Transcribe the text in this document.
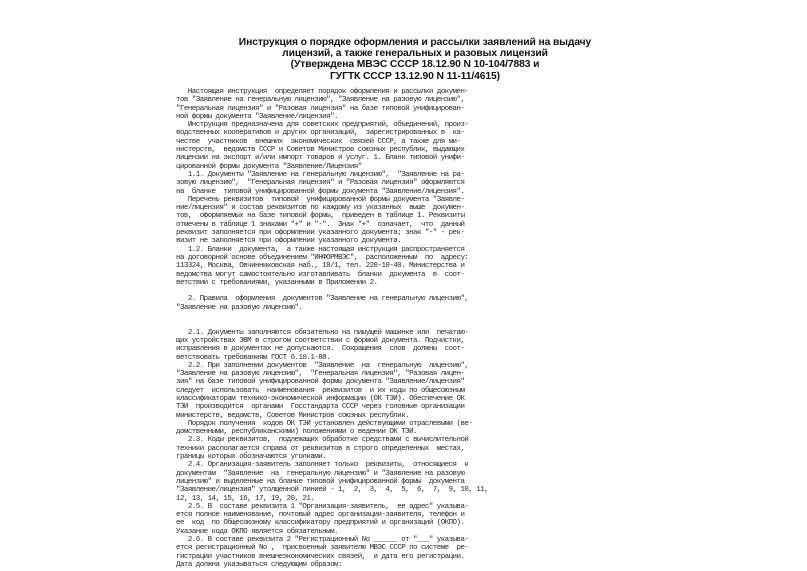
Инструкция о порядке оформления и рассылки заявлений на выдачу
лицензий, а также генеральных и разовых лицензий
(Утверждена МВЭС СССР 18.12.90 N 10-104/7883 и
ГУГТК СССР 13.12.90 N 11-11/4615)
Настоящая инструкция  определяет порядок оформления и рассылки докумен-
тов "Заявление на генеральную лицензию", "Заявление на разовую лицензию",
"Генеральная лицензия" и "Разовая лицензия" на базе типовой унифицирован-
ной формы документа "Заявление/лицензия".
Инструкция предназначена для советских предприятий, объединений, произ-
водственных кооперативов и других организаций,  зарегистрированных в  ка-
честве  участников  внешних  экономических  связей СССР, а также для ми-
нистерств,  ведомств СССР и Советов Министров союзных республик, выдающих
лицензии на экспорт и/или импорт товаров и услуг. 1. Бланк типовой унифи-
цированной формы документа "Заявление/Лицензия"
1.1. Документы "Заявление на генеральную лицензию",  "Заявление на ра-
зовую лицензию",  "Генеральная лицензия" и "Разовая лицензия" оформляются
на  бланке  типовой унифицированной формы документа "Заявление/лицензия".
Перечень реквизитов  типовой  унифицированной формы документа "Заявле-
ние/лицензия" и состав реквизитов по каждому из указанных  выше  докумен-
тов,  оформляемых на базе типовой формы,  приведен в таблице 1. Реквизиты
отмечены в таблице 1 знаками "+" и "-".  Знак "+"  означает,  что  данный
реквизит заполняется при оформлении указанного документа; знак "-" - рек-
визит не заполняется при оформлении указанного документа.
1.2. Бланки  документа,  а также настоящая инструкция распространяется
на договорной основе объединением "ИНФОРМВЭС",  расположенным  по  адресу:
113324, Москва, Овчинниковская наб., 18/1, тел. 220-10-40. Министерства и
ведомства могут самостоятельно изготавливать  бланки  документа  в  соот-
ветствии с требованиями, указанными в Приложении 2.
2. Правила  оформления  документов "Заявление на генеральную лицензию",
"Заявление на разовую лицензию".
2.1. Документы заполняются обязательно на пишущей машинке или  печатаю-
щих устройствах ЭВМ в строгом соответствии с формой документа. Подчистки,
исправления в документах не допускаются.  Сокращения  слов  должны  соот-
ветствовать требованиям ГОСТ 6.10.1-88.
2.2. При заполнении документов  "Заявление  на  генеральную  лицензию",
"Заявление на разовую лицензию",  "Генеральная лицензия", "Разовая лицен-
зия" на базе типовой унифицированной формы документа "Заявление/лицензия"
следует  использовать  наименования  реквизитов  и их коды по общесоюзным
классификаторам технико-экономической информации (ОК ТЭИ). Обеспечение ОК
ТЭИ  производится  органами  Госстандарта СССР через головные организации
министерств, ведомств, Советов Министров союзных республик.
Порядок получения  кодов ОК ТЭИ установлен действующими отраслевыми (ве-
домственными, республиканскими) положениями о ведении ОК ТЭИ.
2.3. Коды реквизитов,  подлежащих обработке средствами с вычислительной
техники располагается справа от реквизитов в строго определенных  местах,
границы которых обозначаются уголками.
2.4. Организация-заявитель заполняет только  реквизиты,  относящиеся  к
документам  "Заявление  на  генеральную лицензию" и "Заявление на разовую
лицензию" и выделенные на бланке типовой унифицированной формы  документа
"Заявление/лицензия" утолщенной линией - 1,  2,  3,  4,  5,  6,  7,  9, 10, 11,
12, 13, 14, 15, 16, 17, 19, 20, 21.
2.5. В  составе реквизита 1 "Организация-заявитель,  ее адрес" указыва-
ется полное наименование, почтовый адрес организации-заявителя, телефон и
ее  код  по Общесоюзному классификатору предприятий и организаций (ОКПО).
Указание кода ОКПО является обязательным.
2.6. В составе реквизита 2 "Регистрационный No ______ от "___" указыва-
ется регистрационный No ,  присвоенный заявителю МВЭС СССР по системе  ре-
гистрации участников внешнеэкономических связей,  и дата его регистрации.
Дата должна указываться следующим образом:
